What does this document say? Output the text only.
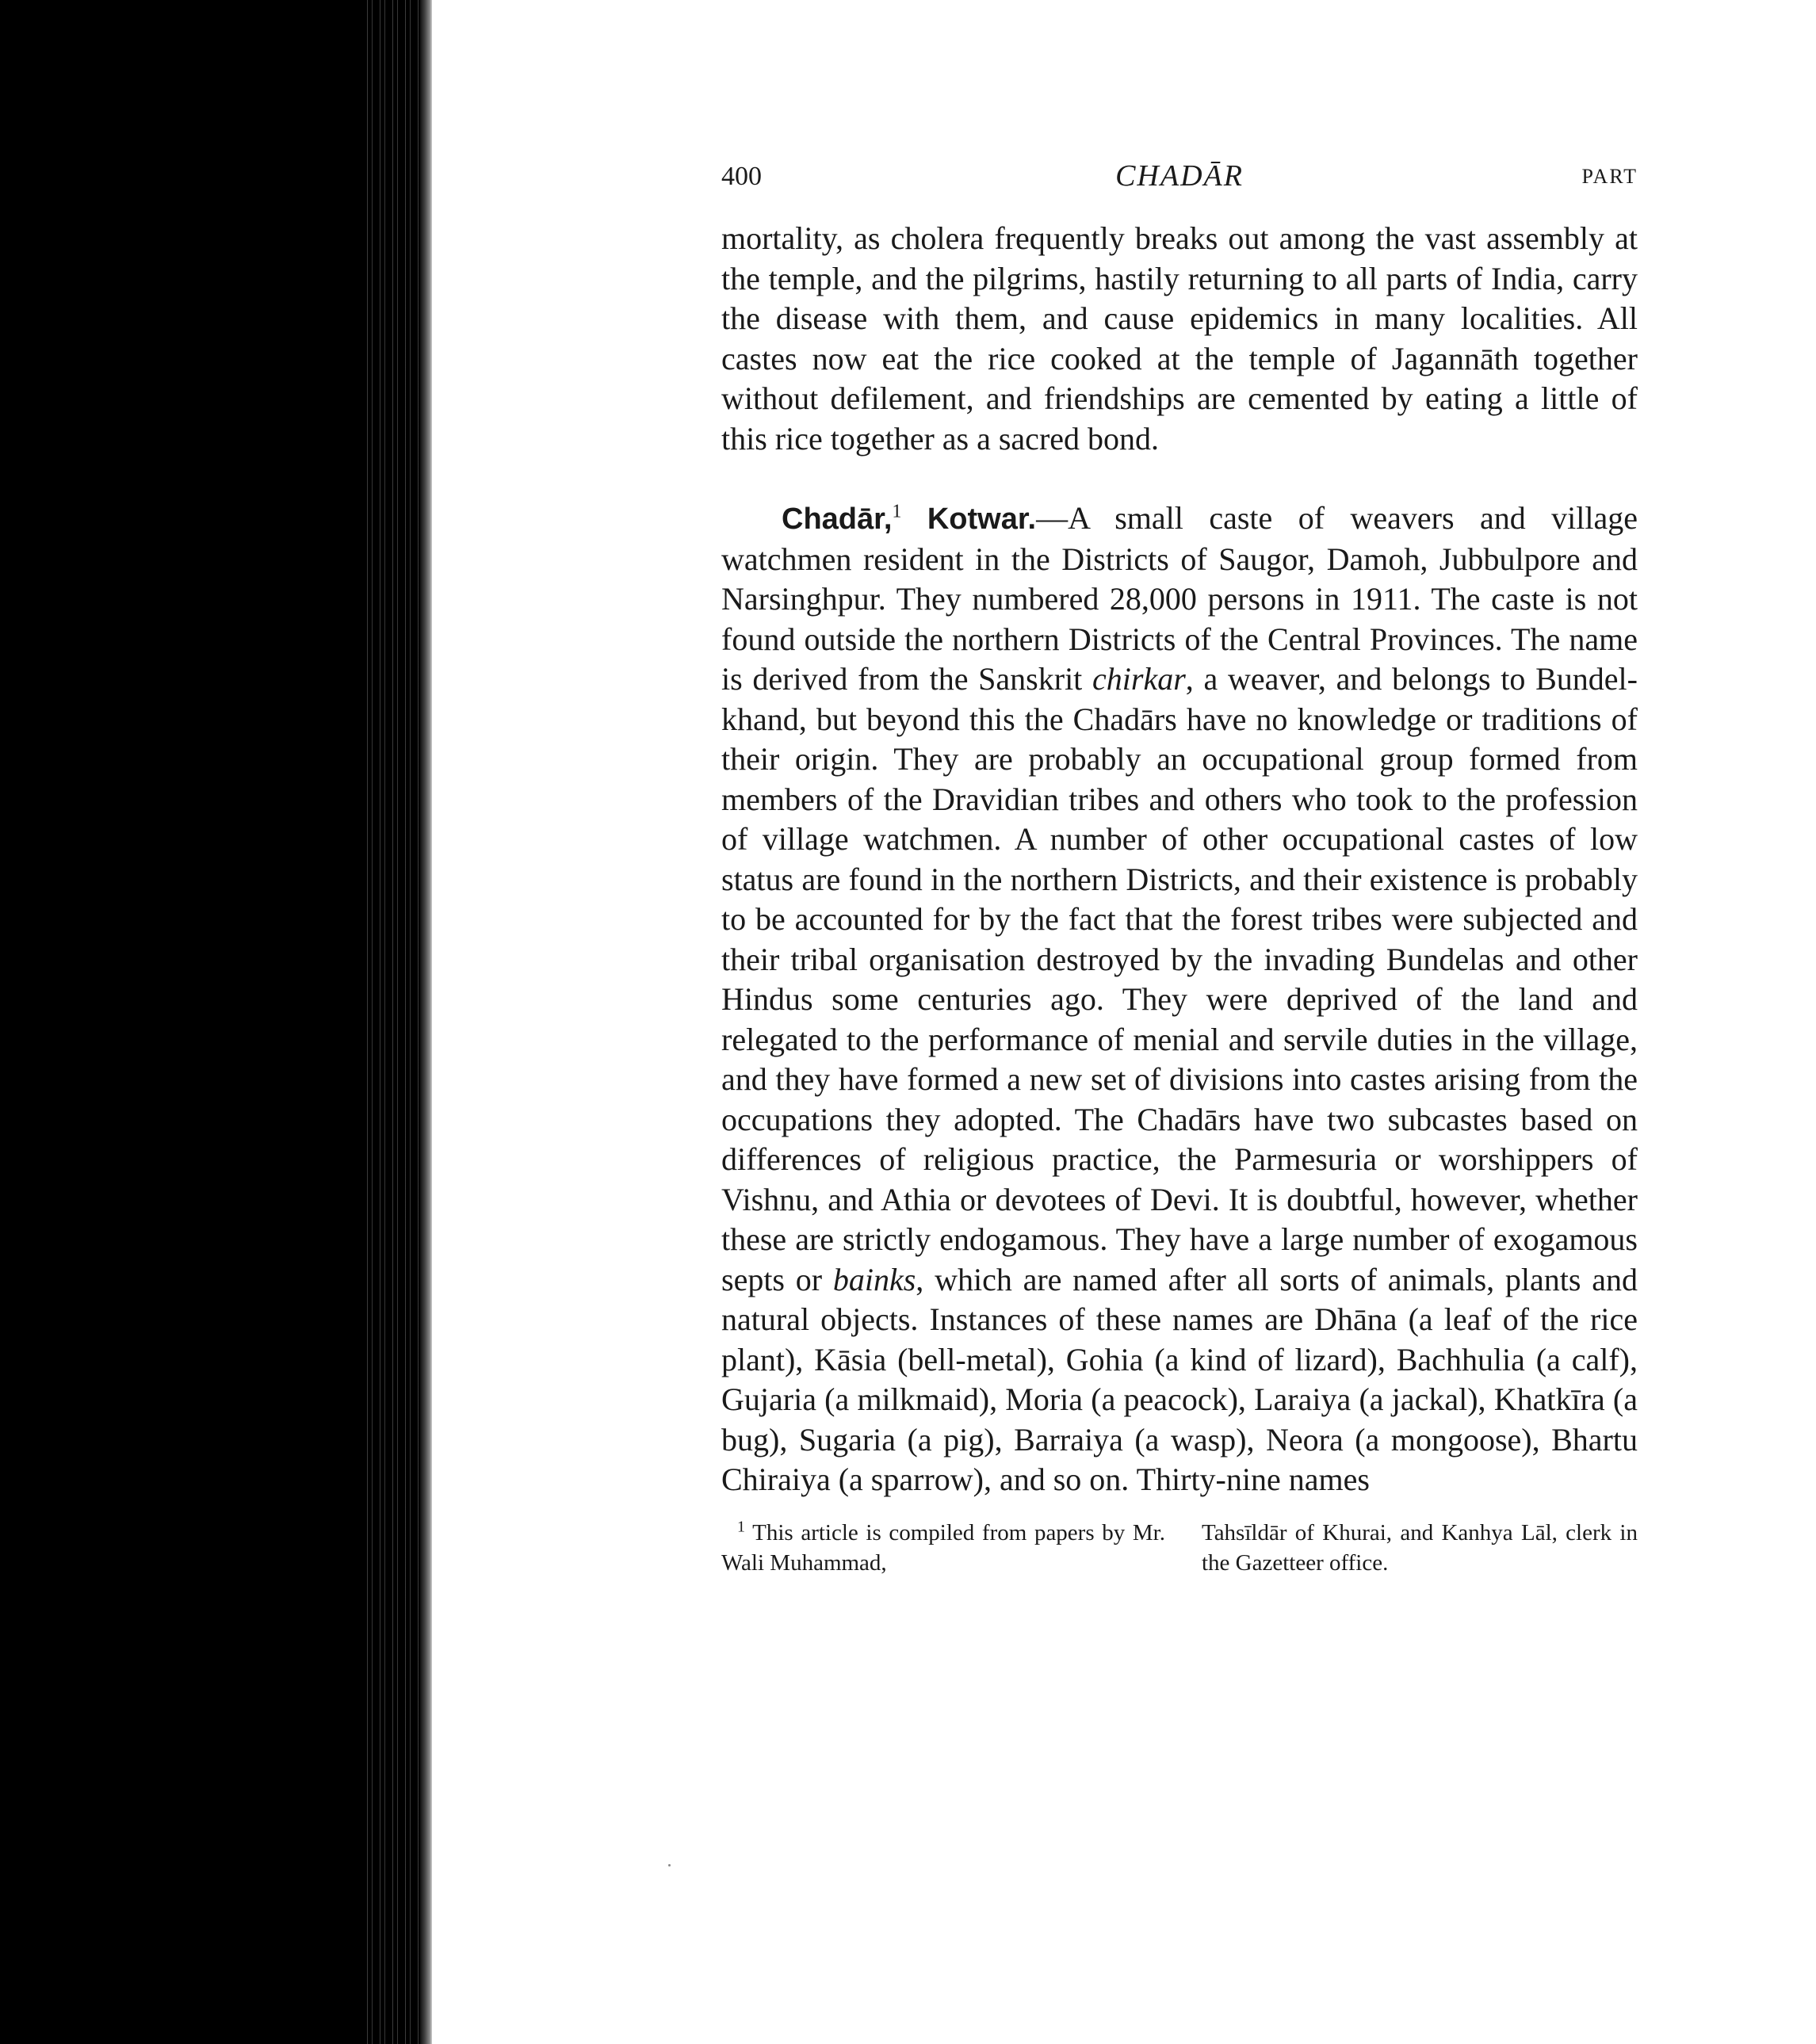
400	CHADĀR	PART

mortality, as cholera frequently breaks out among the vast assembly at the temple, and the pilgrims, hastily returning to all parts of India, carry the disease with them, and cause epidemics in many localities. All castes now eat the rice cooked at the temple of Jagannāth together without defilement, and friendships are cemented by eating a little of this rice together as a sacred bond.

Chadār,$^1$ Kotwar.—A small caste of weavers and village watchmen resident in the Districts of Saugor, Damoh, Jubbulpore and Narsinghpur. They numbered 28,000 persons in 1911. The caste is not found outside the northern Districts of the Central Provinces. The name is derived from the Sanskrit chirkar, a weaver, and belongs to Bundelkhand, but beyond this the Chadārs have no knowledge or traditions of their origin. They are probably an occupational group formed from members of the Dravidian tribes and others who took to the profession of village watchmen. A number of other occupational castes of low status are found in the northern Districts, and their existence is probably to be accounted for by the fact that the forest tribes were subjected and their tribal organisation destroyed by the invading Bundelas and other Hindus some centuries ago. They were deprived of the land and relegated to the performance of menial and servile duties in the village, and they have formed a new set of divisions into castes arising from the occupations they adopted. The Chadārs have two subcastes based on differences of religious practice, the Parmesuria or worshippers of Vishnu, and Athia or devotees of Devi. It is doubtful, however, whether these are strictly endogamous. They have a large number of exogamous septs or bainks, which are named after all sorts of animals, plants and natural objects. Instances of these names are Dhāna (a leaf of the rice plant), Kāsia (bell-metal), Gohia (a kind of lizard), Bachhulia (a calf), Gujaria (a milkmaid), Moria (a peacock), Laraiya (a jackal), Khatkīra (a bug), Sugaria (a pig), Barraiya (a wasp), Neora (a mongoose), Bhartu Chiraiya (a sparrow), and so on. Thirty-nine names

$^1$ This article is compiled from papers by Mr. Wali Muhammad,
Tahsīldār of Khurai, and Kanhya Lāl, clerk in the Gazetteer office.
